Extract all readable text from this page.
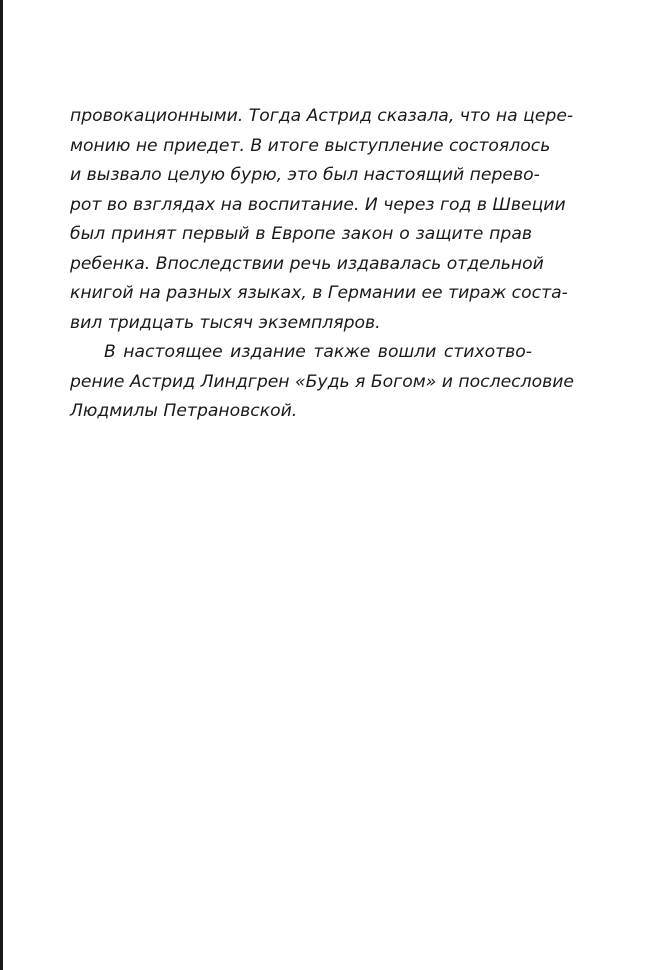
провокационными. Тогда Астрид сказала, что на цере-
монию не приедет. В итоге выступление состоялось
и вызвало целую бурю, это был настоящий перево-
рот во взглядах на воспитание. И через год в Швеции
был принят первый в Европе закон о защите прав
ребенка. Впоследствии речь издавалась отдельной
книгой на разных языках, в Германии ее тираж соста-
вил тридцать тысяч экземпляров.
В настоящее издание также вошли стихотво-
рение Астрид Линдгрен «Будь я Богом» и послесловие
Людмилы Петрановской.
